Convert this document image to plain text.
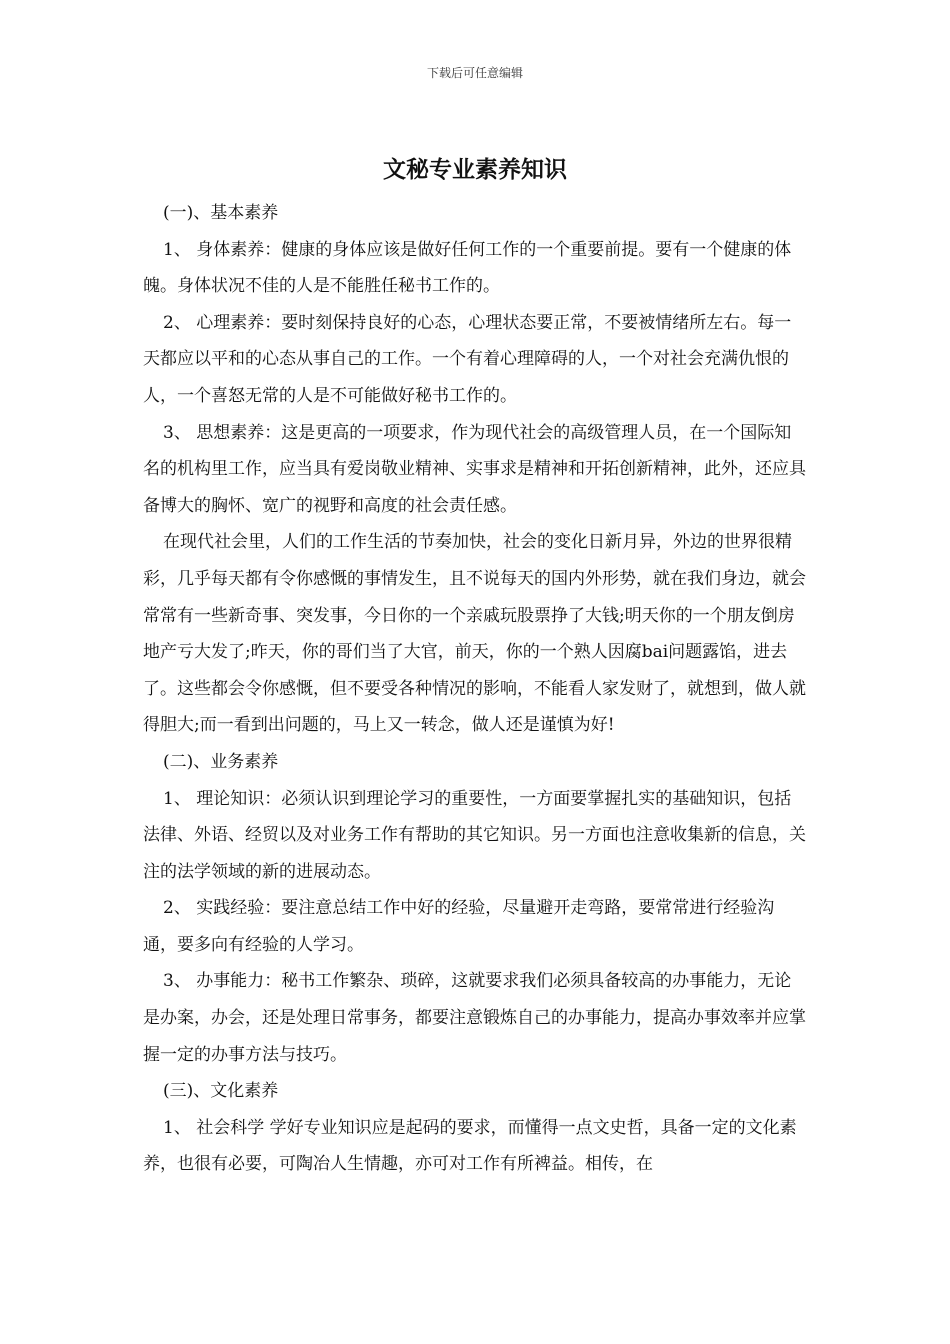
下载后可任意编辑
文秘专业素养知识

(一)、基本素养

1、 身体素养：健康的身体应该是做好任何工作的一个重要前提。要有一个健康的体魄。身体状况不佳的人是不能胜任秘书工作的。

2、 心理素养：要时刻保持良好的心态，心理状态要正常，不要被情绪所左右。每一天都应以平和的心态从事自己的工作。一个有着心理障碍的人，一个对社会充满仇恨的人，一个喜怒无常的人是不可能做好秘书工作的。

3、 思想素养：这是更高的一项要求，作为现代社会的高级管理人员，在一个国际知名的机构里工作，应当具有爱岗敬业精神、实事求是精神和开拓创新精神，此外，还应具备博大的胸怀、宽广的视野和高度的社会责任感。

在现代社会里，人们的工作生活的节奏加快，社会的变化日新月异，外边的世界很精彩，几乎每天都有令你感慨的事情发生，且不说每天的国内外形势，就在我们身边，就会常常有一些新奇事、突发事，今日你的一个亲戚玩股票挣了大钱;明天你的一个朋友倒房地产亏大发了;昨天，你的哥们当了大官，前天，你的一个熟人因腐bai问题露馅，进去了。这些都会令你感慨，但不要受各种情况的影响，不能看人家发财了，就想到，做人就得胆大;而一看到出问题的，马上又一转念，做人还是谨慎为好!

(二)、业务素养

1、 理论知识：必须认识到理论学习的重要性，一方面要掌握扎实的基础知识，包括法律、外语、经贸以及对业务工作有帮助的其它知识。另一方面也注意收集新的信息，关注的法学领域的新的进展动态。

2、 实践经验：要注意总结工作中好的经验，尽量避开走弯路，要常常进行经验沟通，要多向有经验的人学习。

3、 办事能力：秘书工作繁杂、琐碎，这就要求我们必须具备较高的办事能力，无论是办案，办会，还是处理日常事务，都要注意锻炼自己的办事能力，提高办事效率并应掌握一定的办事方法与技巧。

(三)、文化素养

1、 社会科学 学好专业知识应是起码的要求，而懂得一点文史哲，具备一定的文化素养，也很有必要，可陶冶人生情趣，亦可对工作有所裨益。相传，在
